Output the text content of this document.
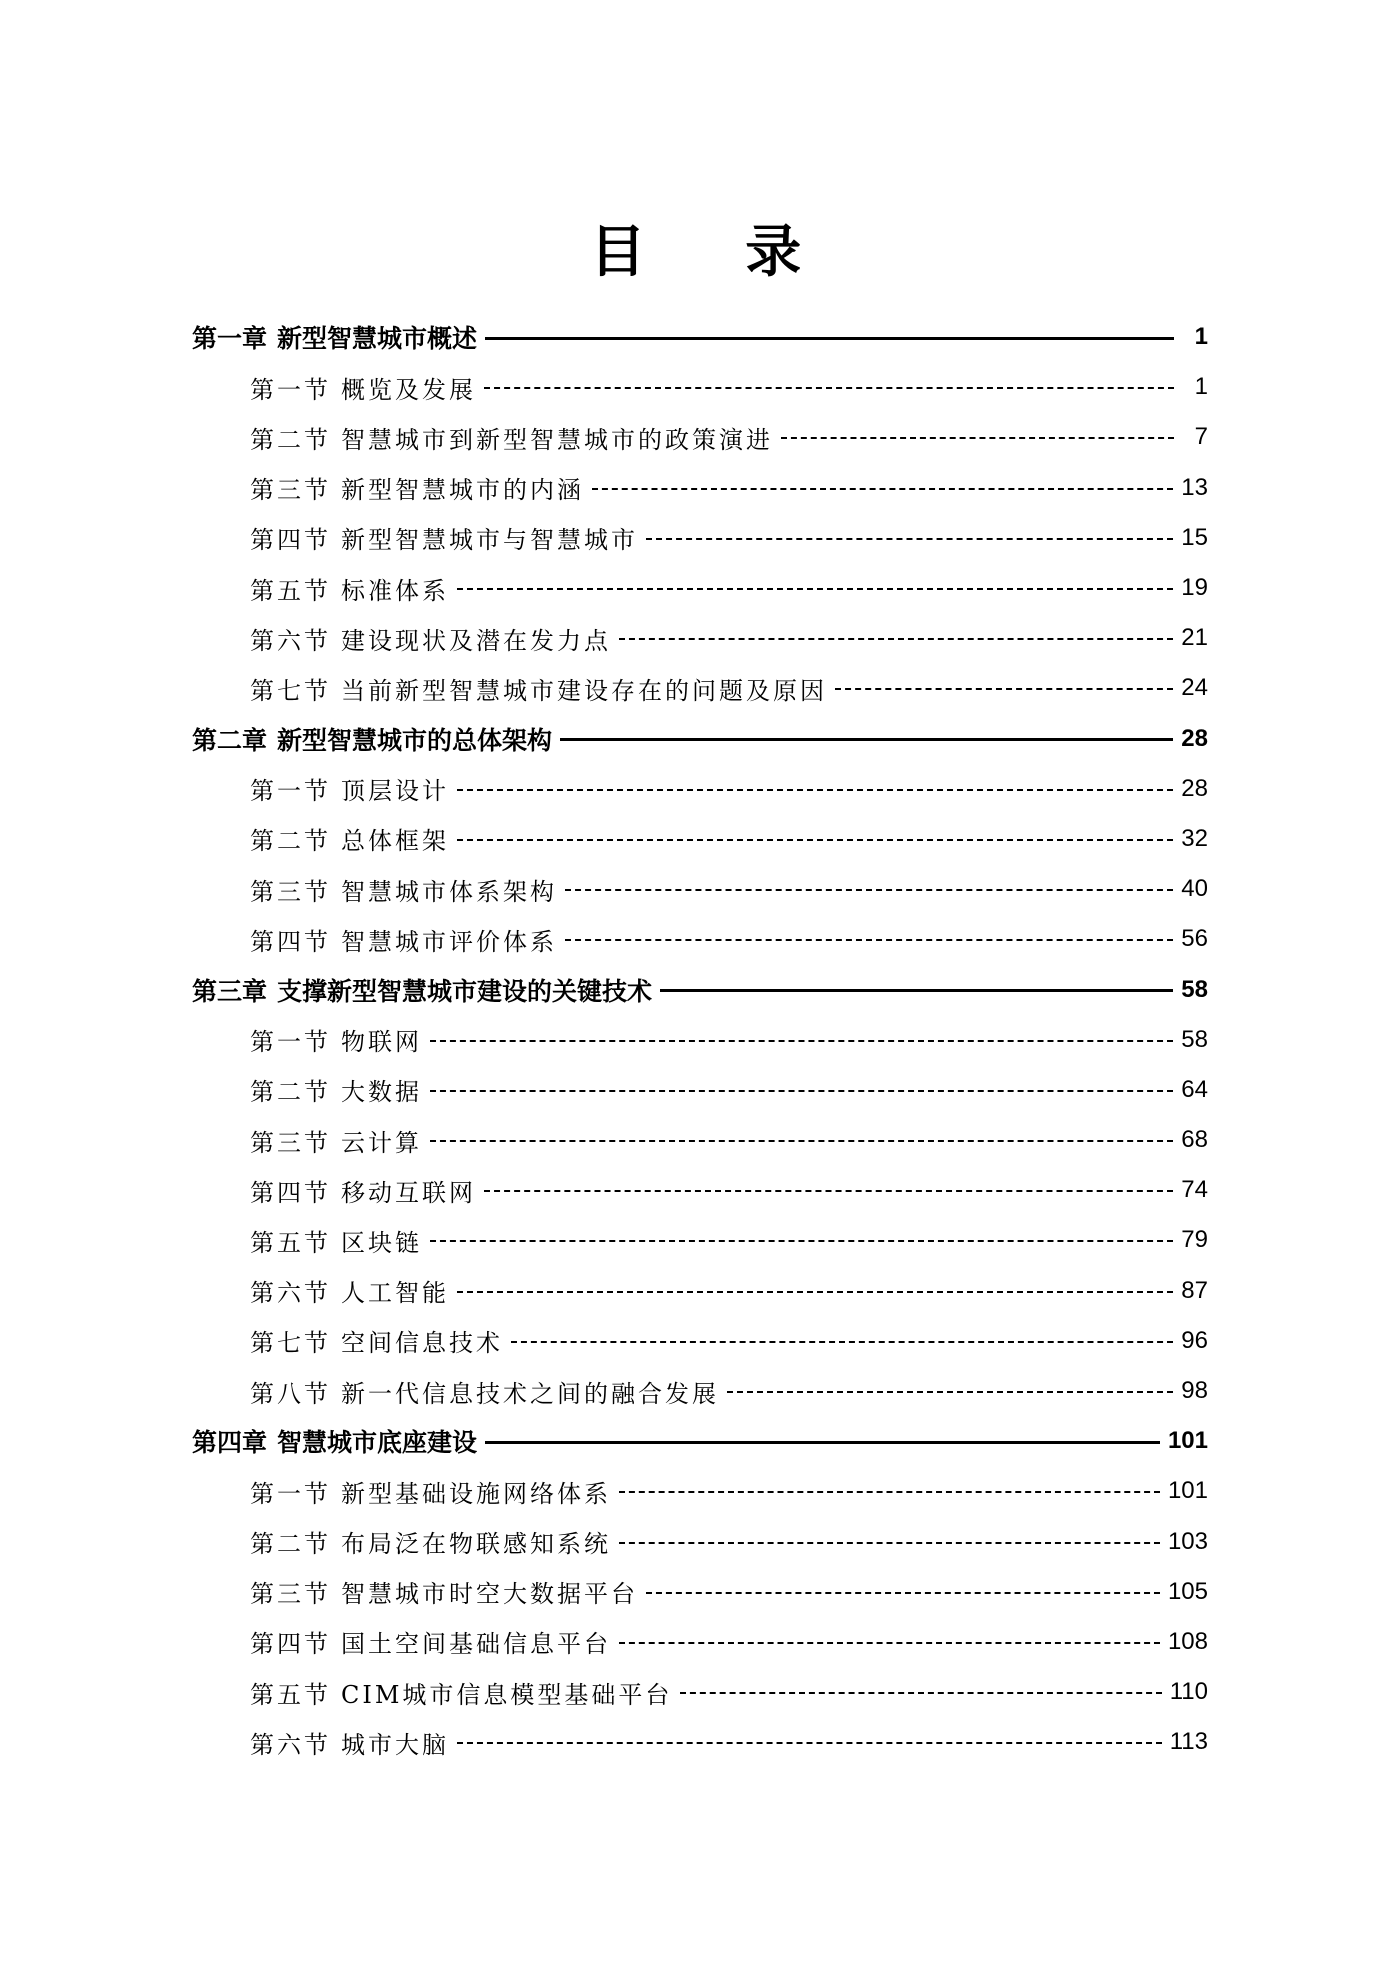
目 录
第一章 新型智慧城市概述	1
第一节 概览及发展	1
第二节 智慧城市到新型智慧城市的政策演进	7
第三节 新型智慧城市的内涵	13
第四节 新型智慧城市与智慧城市	15
第五节 标准体系	19
第六节 建设现状及潜在发力点	21
第七节 当前新型智慧城市建设存在的问题及原因	24
第二章 新型智慧城市的总体架构	28
第一节 顶层设计	28
第二节 总体框架	32
第三节 智慧城市体系架构	40
第四节 智慧城市评价体系	56
第三章 支撑新型智慧城市建设的关键技术	58
第一节 物联网	58
第二节 大数据	64
第三节 云计算	68
第四节 移动互联网	74
第五节 区块链	79
第六节 人工智能	87
第七节 空间信息技术	96
第八节 新一代信息技术之间的融合发展	98
第四章 智慧城市底座建设	101
第一节 新型基础设施网络体系	101
第二节 布局泛在物联感知系统	103
第三节 智慧城市时空大数据平台	105
第四节 国土空间基础信息平台	108
第五节 CIM城市信息模型基础平台	110
第六节 城市大脑	113
